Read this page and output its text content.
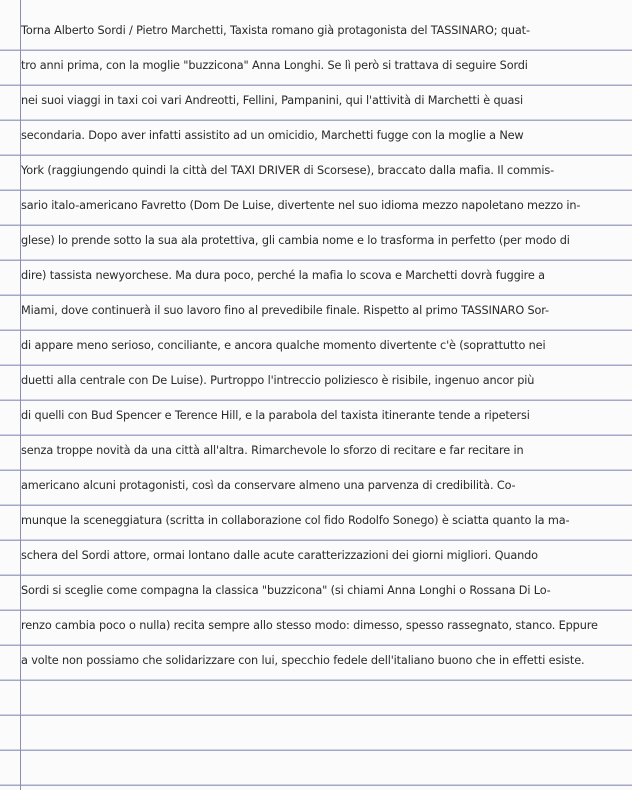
Torna Alberto Sordi / Pietro Marchetti, Taxista romano già protagonista del TASSINARO; quat-
tro anni prima, con la moglie "buzzicona" Anna Longhi. Se lì però si trattava di seguire Sordi
nei suoi viaggi in taxi coi vari Andreotti, Fellini, Pampanini, qui l'attività di Marchetti è quasi
secondaria. Dopo aver infatti assistito ad un omicidio, Marchetti fugge con la moglie a New
York (raggiungendo quindi la città del TAXI DRIVER di Scorsese), braccato dalla mafia. Il commis-
sario italo-americano Favretto (Dom De Luise, divertente nel suo idioma mezzo napoletano mezzo in-
glese) lo prende sotto la sua ala protettiva, gli cambia nome e lo trasforma in perfetto (per modo di
dire) tassista newyorchese. Ma dura poco, perché la mafia lo scova e Marchetti dovrà fuggire a
Miami, dove continuerà il suo lavoro fino al prevedibile finale. Rispetto al primo TASSINARO Sor-
di appare meno serioso, conciliante, e ancora qualche momento divertente c'è (soprattutto nei
duetti alla centrale con De Luise). Purtroppo l'intreccio poliziesco è risibile, ingenuo ancor più
di quelli con Bud Spencer e Terence Hill, e la parabola del taxista itinerante tende a ripetersi
senza troppe novità da una città all'altra. Rimarchevole lo sforzo di recitare e far recitare in
americano alcuni protagonisti, così da conservare almeno una parvenza di credibilità. Co-
munque la sceneggiatura (scritta in collaborazione col fido Rodolfo Sonego) è sciatta quanto la ma-
schera del Sordi attore, ormai lontano dalle acute caratterizzazioni dei giorni migliori. Quando
Sordi si sceglie come compagna la classica "buzzicona" (si chiami Anna Longhi o Rossana Di Lo-
renzo cambia poco o nulla) recita sempre allo stesso modo: dimesso, spesso rassegnato, stanco. Eppure
a volte non possiamo che solidarizzare con lui, specchio fedele dell'italiano buono che in effetti esiste.
